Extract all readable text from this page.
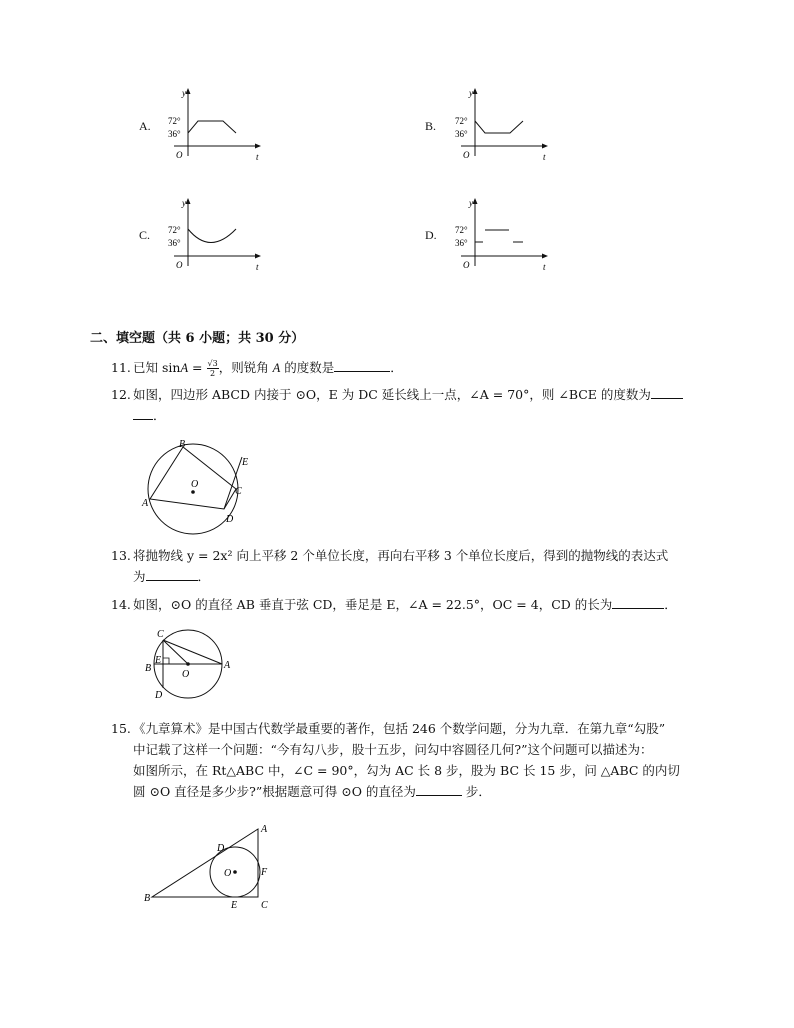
A.
y
t
O
72°
36°
B.
y
t
O
72°
36°
C.
y
t
O
72°
36°
D.
y
t
O
72°
36°
二、填空题（共 6 小题；共 30 分）
11. 已知 $\sin A = \frac{√3}{2}$ ，则锐角 A 的度数是	．
12. 如图，四边形 ABCD 内接于 ⊙O，E 为 DC 延长线上一点，∠A = 70°，则 ∠BCE 的度数为
．
B
E
O
C
A
D
13. 将抛物线 y = 2x² 向上平移 2 个单位长度，再向右平移 3 个单位长度后，得到的抛物线的表达式
为	．
14. 如图，⊙O 的直径 AB 垂直于弦 CD，垂足是 E，∠A = 22.5°，OC = 4，CD 的长为	．
C
E
B
O
A
D
15. 《九章算术》是中国古代数学最重要的著作，包括 246 个数学问题，分为九章．在第九章“勾股”
中记载了这样一个问题：“今有勾八步，股十五步，问勾中容圆径几何?”这个问题可以描述为：
如图所示，在 Rt△ABC 中，∠C = 90°，勾为 AC 长 8 步，股为 BC 长 15 步，问 △ABC 的内切
圆 ⊙O 直径是多少步?”根据题意可得 ⊙O 的直径为	步．
A
D
O	F
B
E C
